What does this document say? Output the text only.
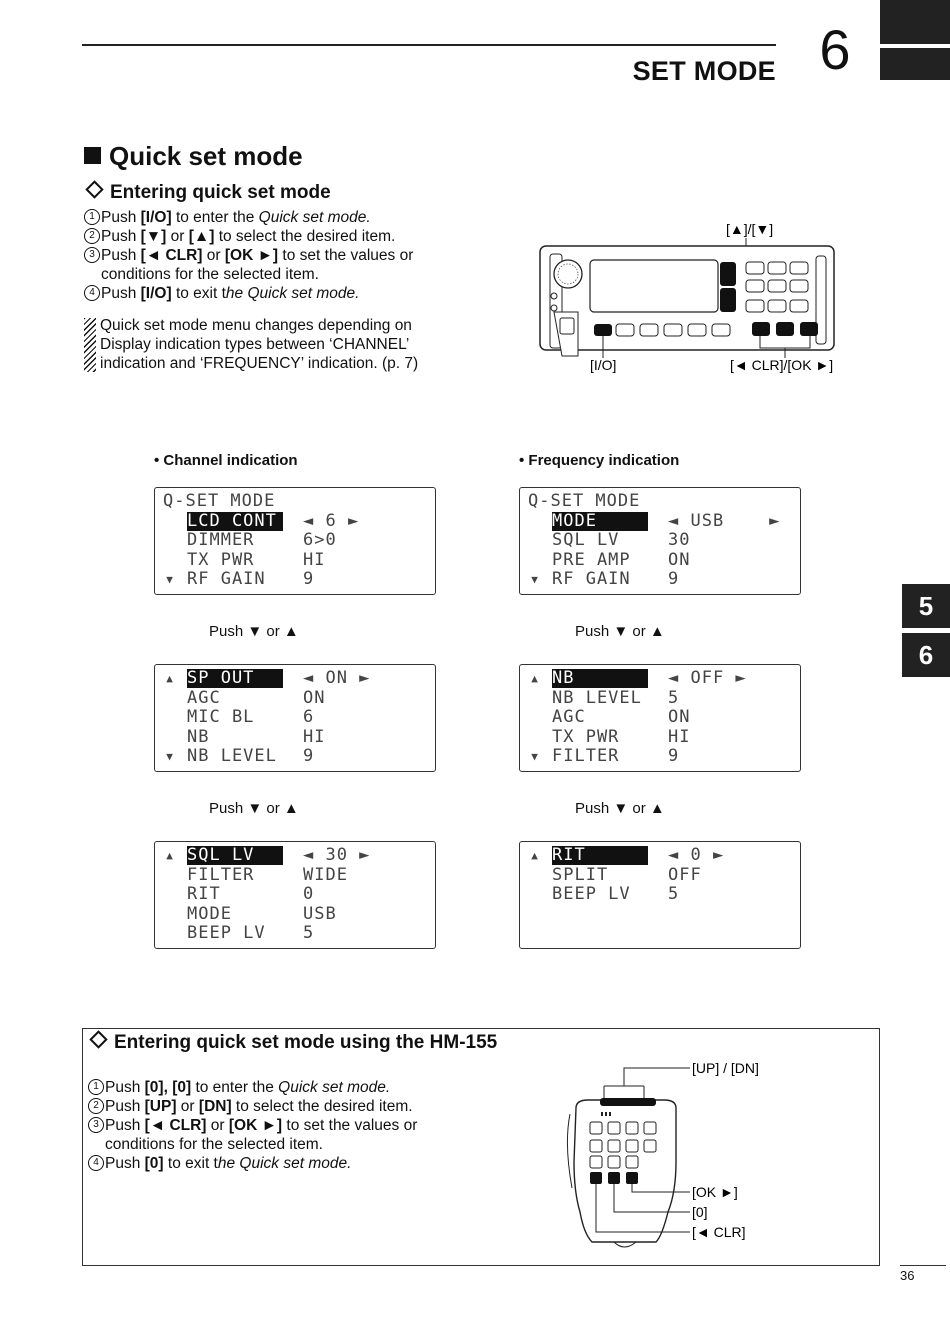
SET MODE 6
5
6
Quick set mode
Entering quick set mode
1 Push [I/O] to enter the Quick set mode.
2 Push [▼] or [▲] to select the desired item.
3 Push [◄ CLR] or [OK ►] to set the values or conditions for the selected item.
4 Push [I/O] to exit the Quick set mode.
Quick set mode menu changes depending on Display indication types between ‘CHANNEL’ indication and ‘FREQUENCY’ indication. (p. 7)
[▲]/[▼]
[I/O]	[◄ CLR]/[OK ►]
• Channel indication	• Frequency indication
Q-SET MODE
LCD CONT	◄ 6 ►
DIMMER	6>0
TX PWR	HI
▼ RF GAIN	9
▲ SP OUT	◄ ON ►
AGC	ON
MIC BL	6
NB	HI
▼ NB LEVEL	9
▲ SQL LV	◄ 30 ►
FILTER	WIDE
RIT	0
MODE	USB
BEEP LV	5
Q-SET MODE
MODE	◄ USB    ►
SQL LV	30
PRE AMP	ON
▼ RF GAIN	9
▲ NB	◄ OFF ►
NB LEVEL	5
AGC	ON
TX PWR	HI
▼ FILTER	9
▲ RIT	◄ 0 ►
SPLIT	OFF
BEEP LV	5
Push ▼ or ▲	Push ▼ or ▲
Push ▼ or ▲	Push ▼ or ▲
Entering quick set mode using the HM-155
1 Push [0], [0] to enter the Quick set mode.
2 Push [UP] or [DN] to select the desired item.
3 Push [◄ CLR] or [OK ►] to set the values or conditions for the selected item.
4 Push [0] to exit the Quick set mode.
[UP] / [DN]
[OK ►]
[0]
[◄ CLR]
36
